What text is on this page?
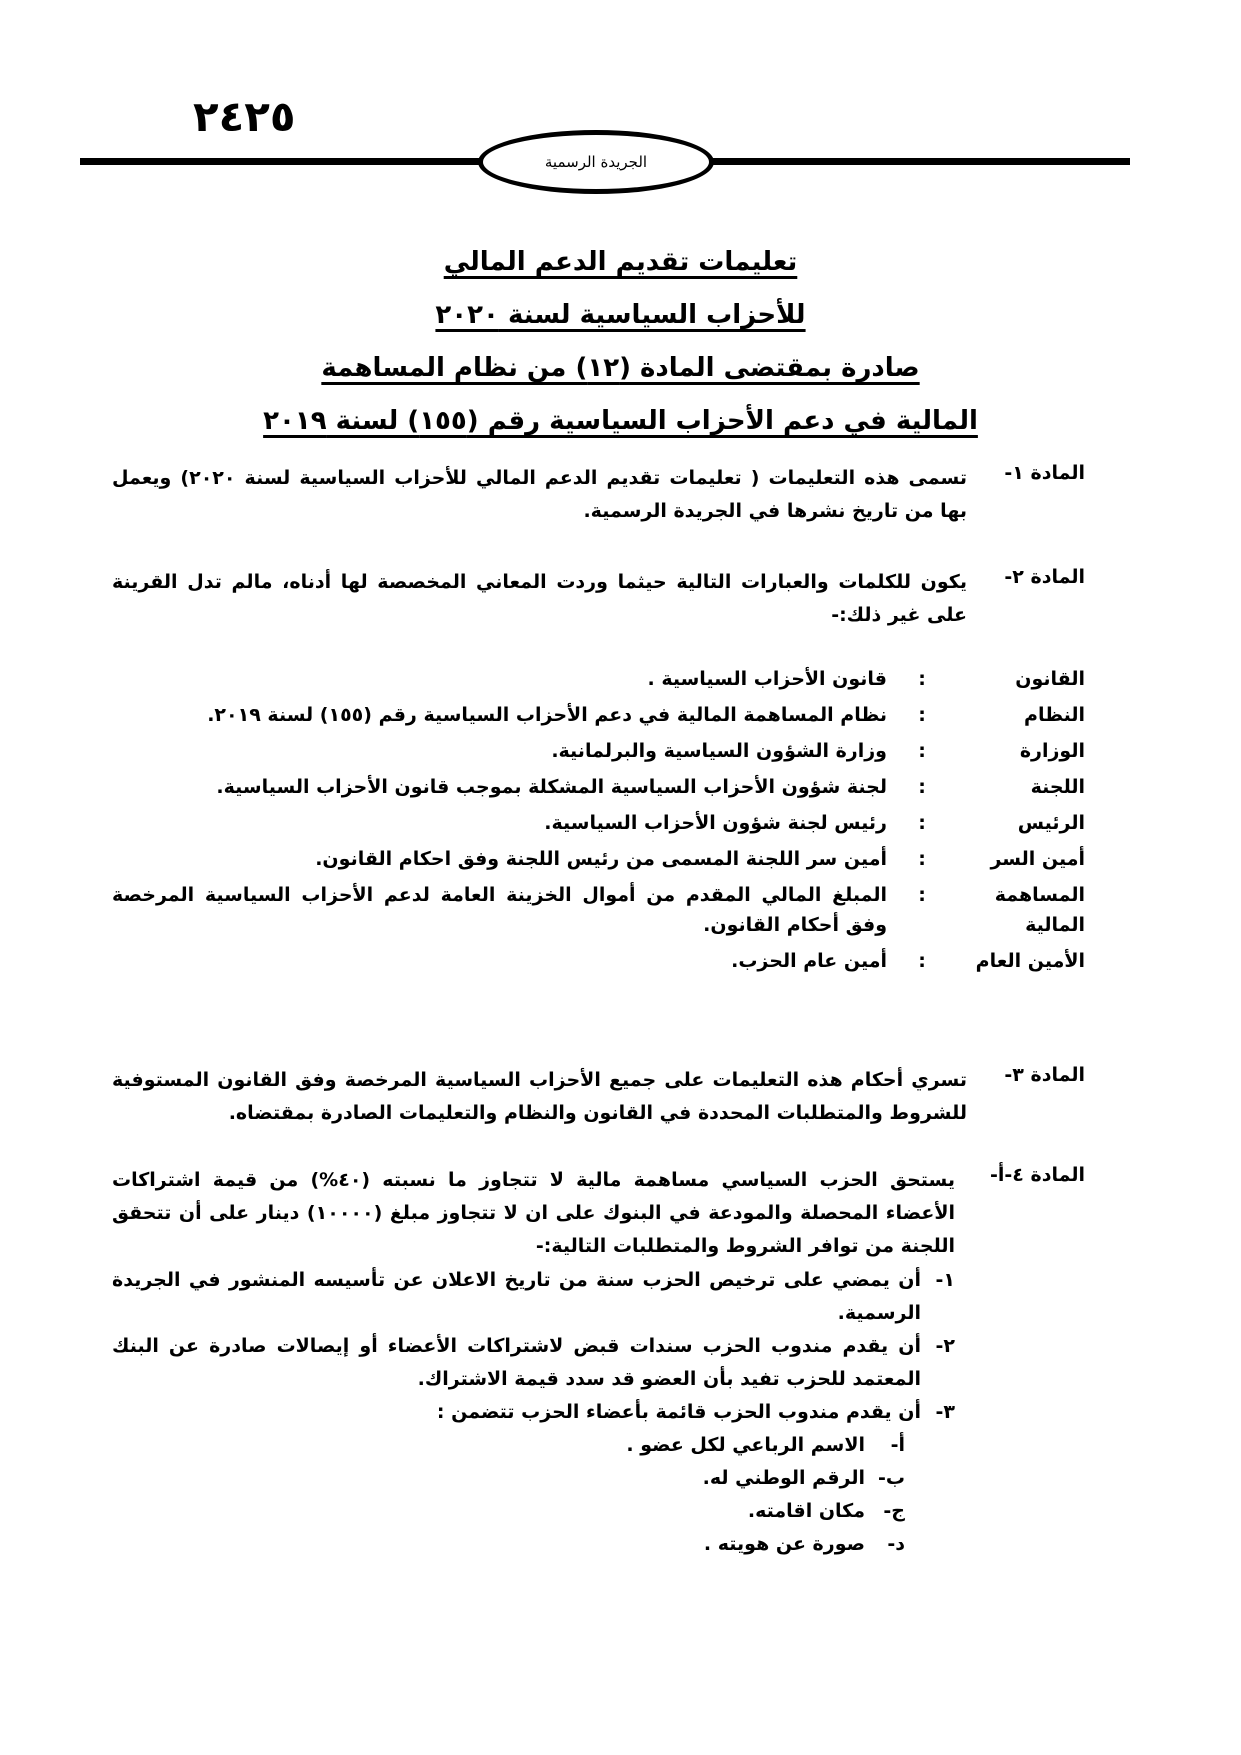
٢٤٢٥
الجريدة الرسمية
تعليمات تقديم الدعم المالي
للأحزاب السياسية لسنة ٢٠٢٠
صادرة بمقتضى المادة (١٢) من نظام المساهمة
المالية في دعم الأحزاب السياسية رقم (١٥٥) لسنة ٢٠١٩
المادة ١-
تسمى هذه التعليمات ( تعليمات تقديم الدعم المالي للأحزاب السياسية لسنة ٢٠٢٠) ويعمل بها من تاريخ نشرها في الجريدة الرسمية.
المادة ٢-
يكون للكلمات والعبارات التالية حيثما وردت المعاني المخصصة لها أدناه، مالم تدل القرينة على غير ذلك:-
القانون
:
قانون الأحزاب السياسية .
النظام
:
نظام المساهمة المالية في دعم الأحزاب السياسية رقم (١٥٥) لسنة ٢٠١٩.
الوزارة
:
وزارة الشؤون السياسية والبرلمانية.
اللجنة
:
لجنة شؤون الأحزاب السياسية المشكلة بموجب قانون الأحزاب السياسية.
الرئيس
:
رئيس لجنة شؤون الأحزاب السياسية.
أمين السر
:
أمين سر اللجنة المسمى من رئيس اللجنة وفق احكام القانون.
المساهمة المالية
:
المبلغ المالي المقدم من أموال الخزينة العامة لدعم الأحزاب السياسية المرخصة وفق أحكام القانون.
الأمين العام
:
أمين عام الحزب.
المادة ٣-
تسري أحكام هذه التعليمات على جميع الأحزاب السياسية المرخصة وفق القانون المستوفية للشروط والمتطلبات المحددة في القانون والنظام والتعليمات الصادرة بمقتضاه.
المادة ٤-أ-
يستحق الحزب السياسي مساهمة مالية لا تتجاوز ما نسبته (٤٠%) من قيمة اشتراكات الأعضاء المحصلة والمودعة في البنوك على ان لا تتجاوز مبلغ (١٠٠٠٠) دينار على أن تتحقق اللجنة من توافر الشروط والمتطلبات التالية:-
١-
أن يمضي على ترخيص الحزب سنة من تاريخ الاعلان عن تأسيسه المنشور في الجريدة الرسمية.
٢-
أن يقدم مندوب الحزب سندات قبض لاشتراكات الأعضاء أو إيصالات صادرة عن البنك المعتمد للحزب تفيد بأن العضو قد سدد قيمة الاشتراك.
٣-
أن يقدم مندوب الحزب قائمة بأعضاء الحزب تتضمن :
أ-
الاسم الرباعي لكل عضو .
ب-
الرقم الوطني له.
ج-
مكان اقامته.
د-
صورة عن هويته .
